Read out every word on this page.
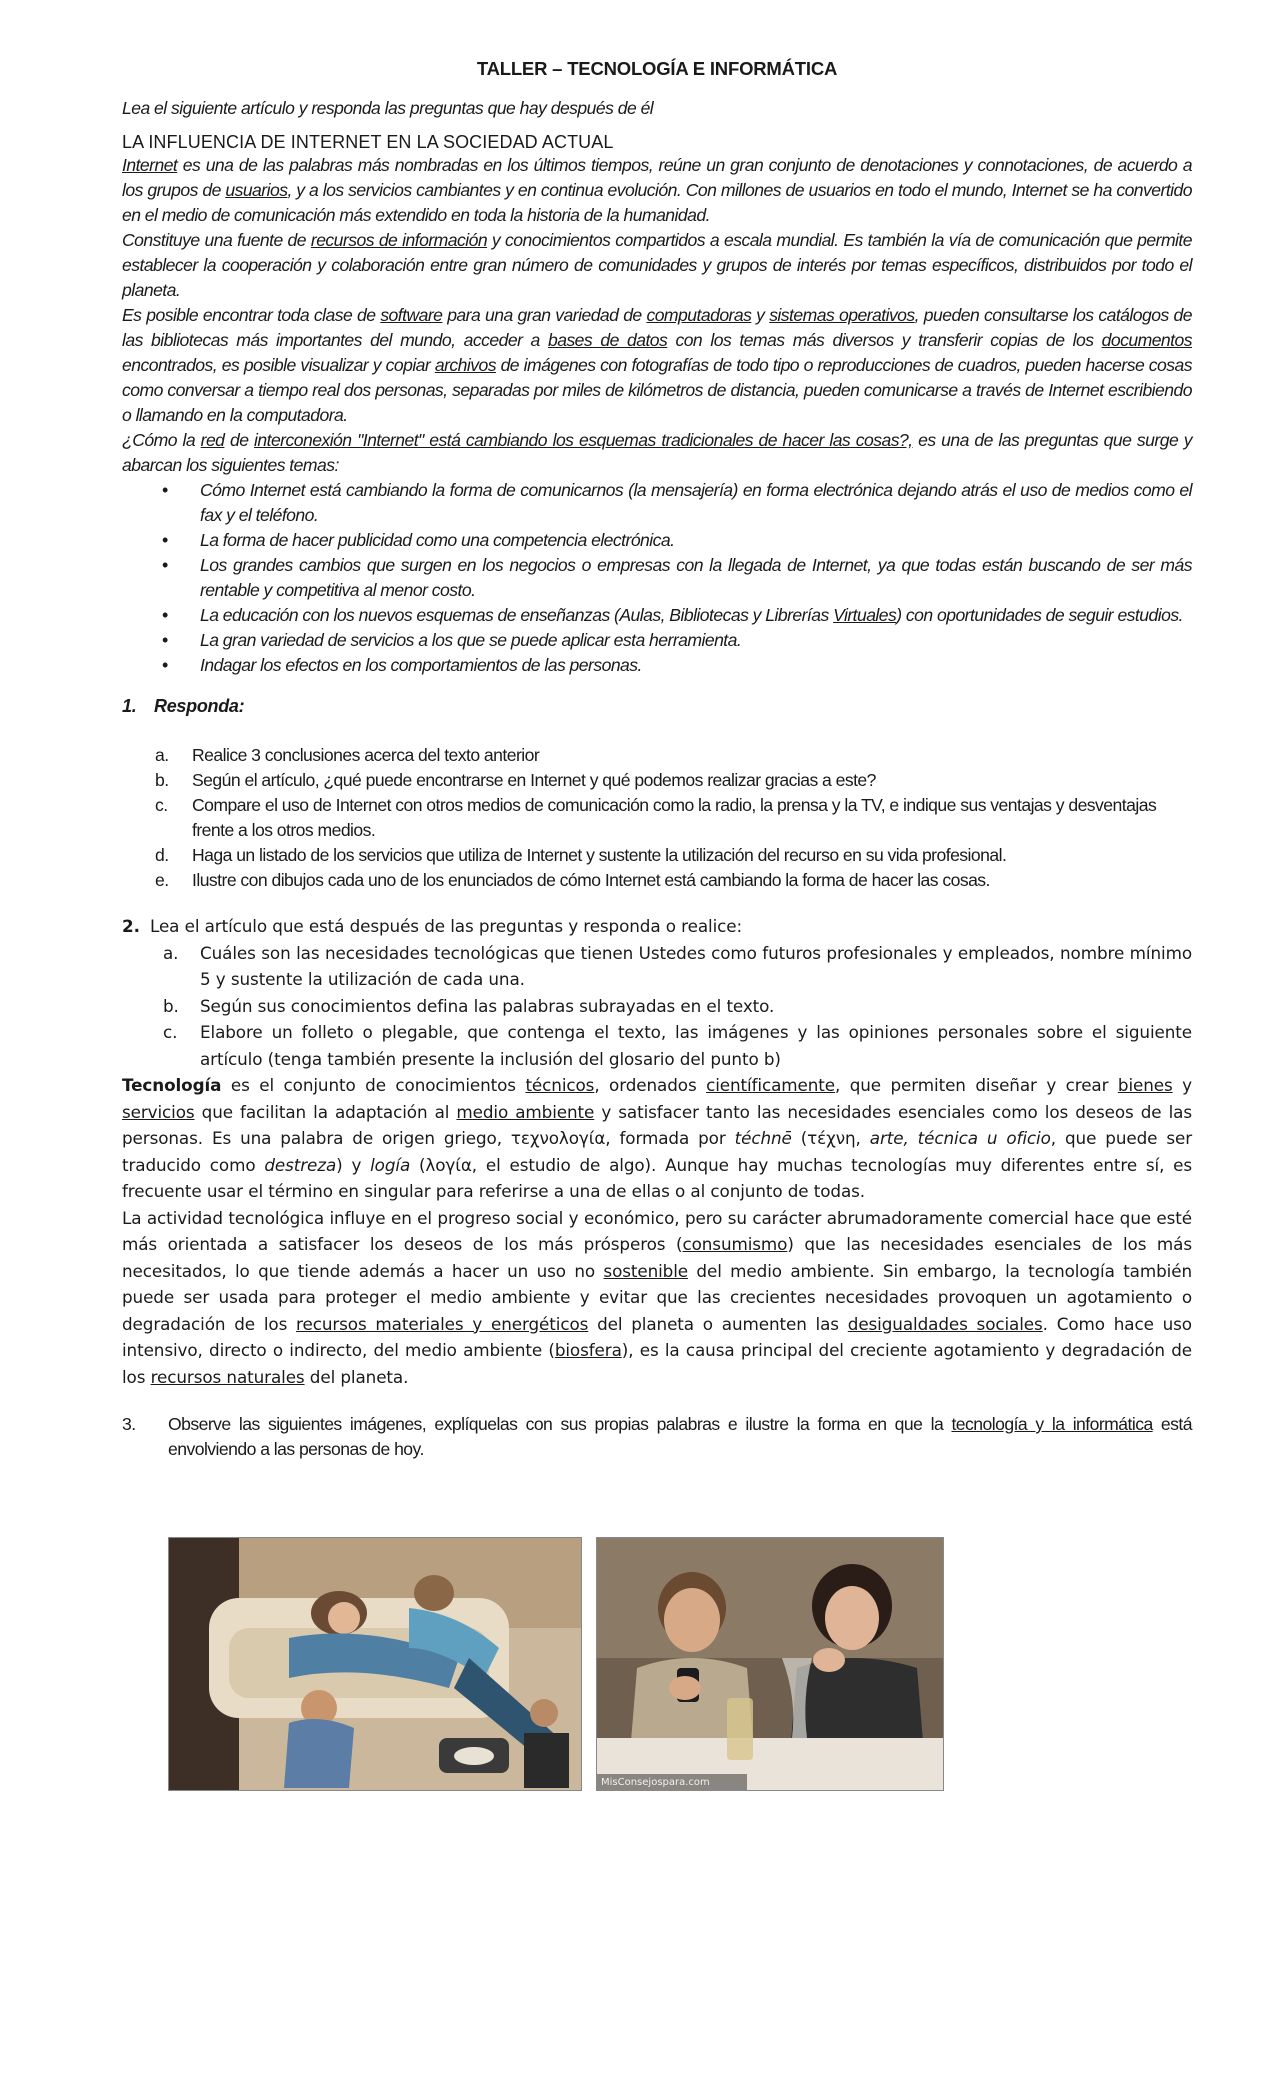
TALLER – TECNOLOGÍA E INFORMÁTICA
Lea el siguiente artículo y responda las preguntas que hay después de él
LA INFLUENCIA DE INTERNET EN LA SOCIEDAD ACTUAL

Internet es una de las palabras más nombradas en los últimos tiempos, reúne un gran conjunto de denotaciones y connotaciones, de acuerdo a los grupos de usuarios, y a los servicios cambiantes y en continua evolución. Con millones de usuarios en todo el mundo, Internet se ha convertido en el medio de comunicación más extendido en toda la historia de la humanidad.

Constituye una fuente de recursos de información y conocimientos compartidos a escala mundial. Es también la vía de comunicación que permite establecer la cooperación y colaboración entre gran número de comunidades y grupos de interés por temas específicos, distribuidos por todo el planeta.

Es posible encontrar toda clase de software para una gran variedad de computadoras y sistemas operativos, pueden consultarse los catálogos de las bibliotecas más importantes del mundo, acceder a bases de datos con los temas más diversos y transferir copias de los documentos encontrados, es posible visualizar y copiar archivos de imágenes con fotografías de todo tipo o reproducciones de cuadros, pueden hacerse cosas como conversar a tiempo real dos personas, separadas por miles de kilómetros de distancia, pueden comunicarse a través de Internet escribiendo o llamando en la computadora.

¿Cómo la red de interconexión "Internet" está cambiando los esquemas tradicionales de hacer las cosas?, es una de las preguntas que surge y abarcan los siguientes temas:

• Cómo Internet está cambiando la forma de comunicarnos (la mensajería) en forma electrónica dejando atrás el uso de medios como el fax y el teléfono.
• La forma de hacer publicidad como una competencia electrónica.
• Los grandes cambios que surgen en los negocios o empresas con la llegada de Internet, ya que todas están buscando de ser más rentable y competitiva al menor costo.
• La educación con los nuevos esquemas de enseñanzas (Aulas, Bibliotecas y Librerías Virtuales) con oportunidades de seguir estudios.
• La gran variedad de servicios a los que se puede aplicar esta herramienta.
• Indagar los efectos en los comportamientos de las personas.
1. Responda:
a. Realice 3 conclusiones acerca del texto anterior
b. Según el artículo, ¿qué puede encontrarse en Internet y qué podemos realizar gracias a este?
c. Compare el uso de Internet con otros medios de comunicación como la radio, la prensa y la TV, e indique sus ventajas y desventajas frente a los otros medios.
d. Haga un listado de los servicios que utiliza de Internet y sustente la utilización del recurso en su vida profesional.
e. Ilustre con dibujos cada uno de los enunciados de cómo Internet está cambiando la forma de hacer las cosas.
2. Lea el artículo que está después de las preguntas y responda o realice:
a. Cuáles son las necesidades tecnológicas que tienen Ustedes como futuros profesionales y empleados, nombre mínimo 5 y sustente la utilización de cada una.
b. Según sus conocimientos defina las palabras subrayadas en el texto.
c. Elabore un folleto o plegable, que contenga el texto, las imágenes y las opiniones personales sobre el siguiente artículo (tenga también presente la inclusión del glosario del punto b)

Tecnología es el conjunto de conocimientos técnicos, ordenados científicamente, que permiten diseñar y crear bienes y servicios que facilitan la adaptación al medio ambiente y satisfacer tanto las necesidades esenciales como los deseos de las personas. Es una palabra de origen griego, τεχνολογία, formada por téchnē (τέχνη, arte, técnica u oficio, que puede ser traducido como destreza) y logía (λογία, el estudio de algo). Aunque hay muchas tecnologías muy diferentes entre sí, es frecuente usar el término en singular para referirse a una de ellas o al conjunto de todas.

La actividad tecnológica influye en el progreso social y económico, pero su carácter abrumadoramente comercial hace que esté más orientada a satisfacer los deseos de los más prósperos (consumismo) que las necesidades esenciales de los más necesitados, lo que tiende además a hacer un uso no sostenible del medio ambiente. Sin embargo, la tecnología también puede ser usada para proteger el medio ambiente y evitar que las crecientes necesidades provoquen un agotamiento o degradación de los recursos materiales y energéticos del planeta o aumenten las desigualdades sociales. Como hace uso intensivo, directo o indirecto, del medio ambiente (biosfera), es la causa principal del creciente agotamiento y degradación de los recursos naturales del planeta.

3. Observe las siguientes imágenes, explíquelas con sus propias palabras e ilustre la forma en que la tecnología y la informática está envolviendo a las personas de hoy.
MisConsejospara.com
